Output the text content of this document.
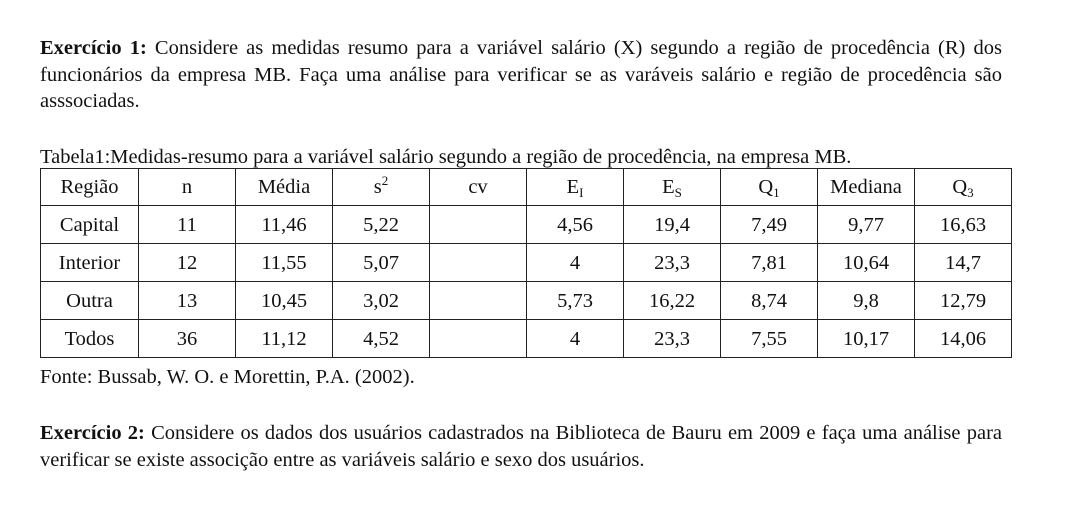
Exercício 1: Considere as medidas resumo para a variável salário (X) segundo a região de procedência (R) dos funcionários da empresa MB. Faça uma análise para verificar se as varáveis salário e região de procedência são asssociadas.

Tabela1:Medidas-resumo para a variável salário segundo a região de procedência, na empresa MB.
Região	n	Média	$s^2$	cv	$E_I$	$E_S$	$Q_1$	Mediana	$Q_3$
Capital	11	11,46	5,22		4,56	19,4	7,49	9,77	16,63
Interior	12	11,55	5,07		4	23,3	7,81	10,64	14,7
Outra	13	10,45	3,02		5,73	16,22	8,74	9,8	12,79
Todos	36	11,12	4,52		4	23,3	7,55	10,17	14,06
Fonte: Bussab, W. O. e Morettin, P.A. (2002).

Exercício 2: Considere os dados dos usuários cadastrados na Biblioteca de Bauru em 2009 e faça uma análise para verificar se existe associção entre as variáveis salário e sexo dos usuários.
